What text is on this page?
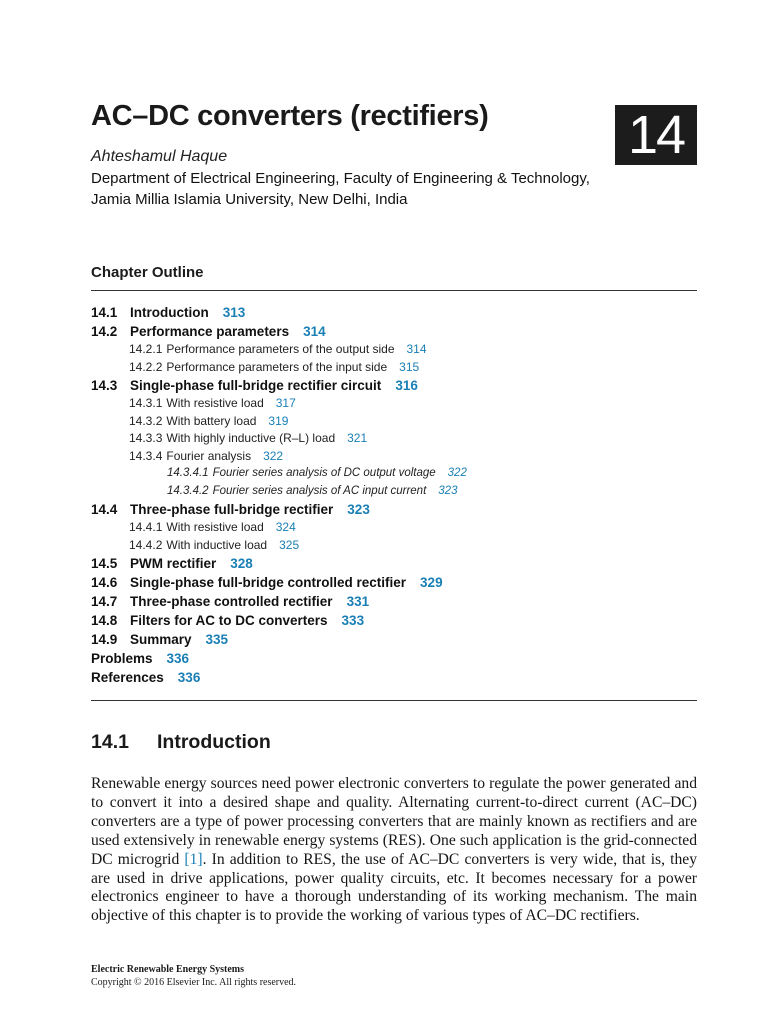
AC–DC converters (rectifiers)	14
Ahteshamul Haque
Department of Electrical Engineering, Faculty of Engineering & Technology,
Jamia Millia Islamia University, New Delhi, India
Chapter Outline
14.1 Introduction 313
14.2 Performance parameters 314
14.2.1 Performance parameters of the output side 314
14.2.2 Performance parameters of the input side 315
14.3 Single-phase full-bridge rectifier circuit 316
14.3.1 With resistive load 317
14.3.2 With battery load 319
14.3.3 With highly inductive (R–L) load 321
14.3.4 Fourier analysis 322
14.3.4.1 Fourier series analysis of DC output voltage 322
14.3.4.2 Fourier series analysis of AC input current 323
14.4 Three-phase full-bridge rectifier 323
14.4.1 With resistive load 324
14.4.2 With inductive load 325
14.5 PWM rectifier 328
14.6 Single-phase full-bridge controlled rectifier 329
14.7 Three-phase controlled rectifier 331
14.8 Filters for AC to DC converters 333
14.9 Summary 335
Problems 336
References 336
14.1 Introduction

Renewable energy sources need power electronic converters to regulate the power generated and to convert it into a desired shape and quality. Alternating current-to-direct current (AC–DC) converters are a type of power processing converters that are mainly known as rectifiers and are used extensively in renewable energy systems (RES). One such application is the grid-connected DC microgrid [1]. In addition to RES, the use of AC–DC converters is very wide, that is, they are used in drive applications, power quality circuits, etc. It becomes necessary for a power electronics engineer to have a thorough understanding of its working mechanism. The main objective of this chapter is to provide the working of various types of AC–DC rectifiers.

Electric Renewable Energy Systems
Copyright © 2016 Elsevier Inc. All rights reserved.
